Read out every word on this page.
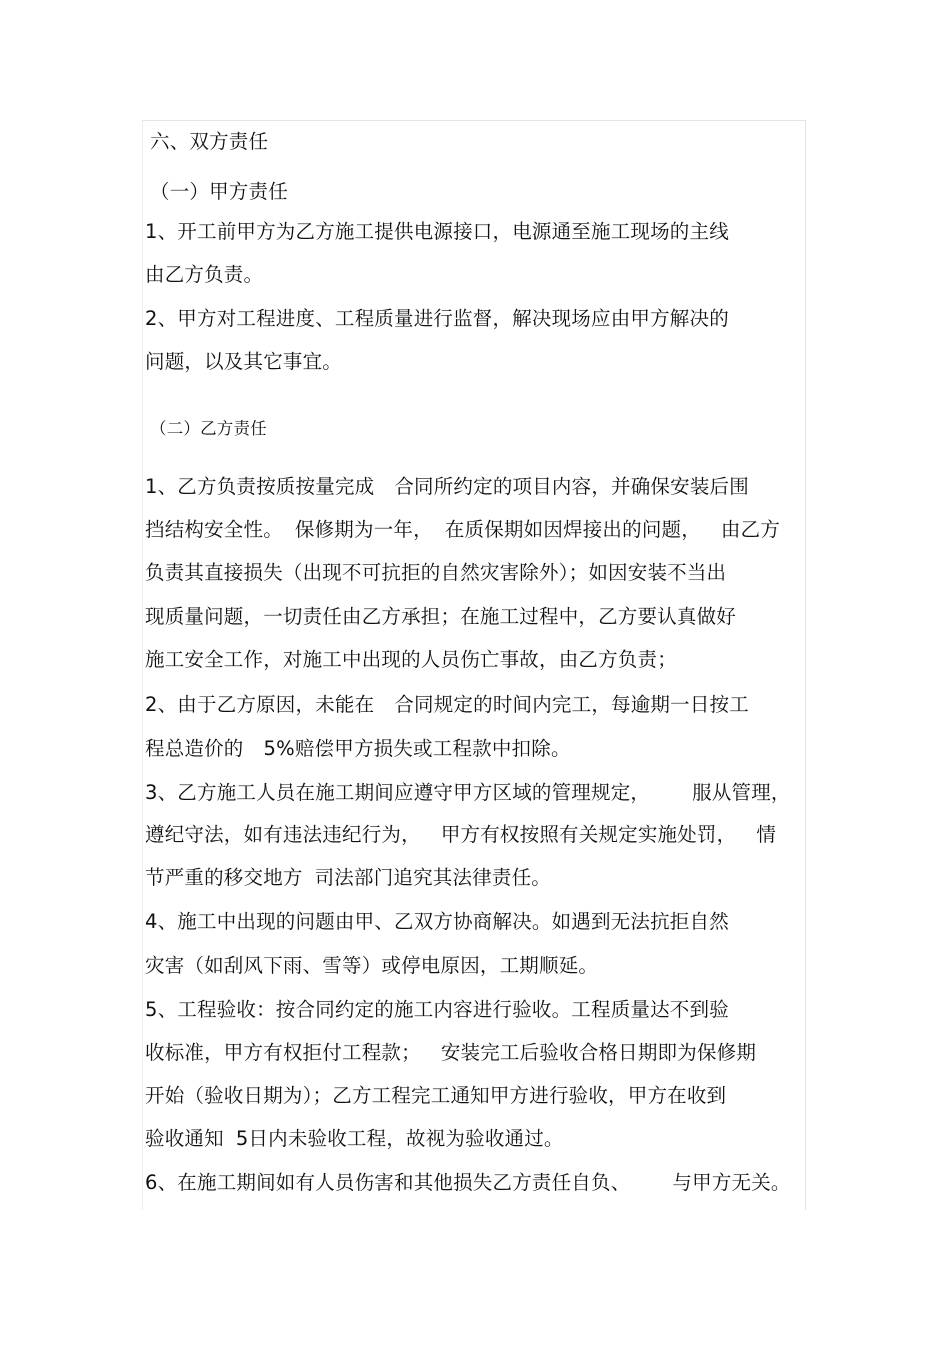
六、双方责任
（一）甲方责任
1、开工前甲方为乙方施工提供电源接口，电源通至施工现场的主线
由乙方负责。
2、甲方对工程进度、工程质量进行监督，解决现场应由甲方解决的
问题，以及其它事宜。
（二）乙方责任
1、乙方负责按质按量完成 合同所约定的项目内容，并确保安装后围
挡结构安全性。 保修期为一年， 在质保期如因焊接出的问题， 由乙方
负责其直接损失（出现不可抗拒的自然灾害除外）；如因安装不当出
现质量问题，一切责任由乙方承担；在施工过程中，乙方要认真做好
施工安全工作，对施工中出现的人员伤亡事故，由乙方负责；
2、由于乙方原因，未能在 合同规定的时间内完工，每逾期一日按工
程总造价的 5%赔偿甲方损失或工程款中扣除。
3、乙方施工人员在施工期间应遵守甲方区域的管理规定， 服从管理，
遵纪守法，如有违法违纪行为， 甲方有权按照有关规定实施处罚， 情
节严重的移交地方 司法部门追究其法律责任。
4、施工中出现的问题由甲、乙双方协商解决。如遇到无法抗拒自然
灾害（如刮风下雨、雪等）或停电原因，工期顺延。
5、工程验收：按合同约定的施工内容进行验收。工程质量达不到验
收标准，甲方有权拒付工程款； 安装完工后验收合格日期即为保修期
开始（验收日期为）；乙方工程完工通知甲方进行验收，甲方在收到
验收通知 5日内未验收工程，故视为验收通过。
6、在施工期间如有人员伤害和其他损失乙方责任自负、 与甲方无关。
